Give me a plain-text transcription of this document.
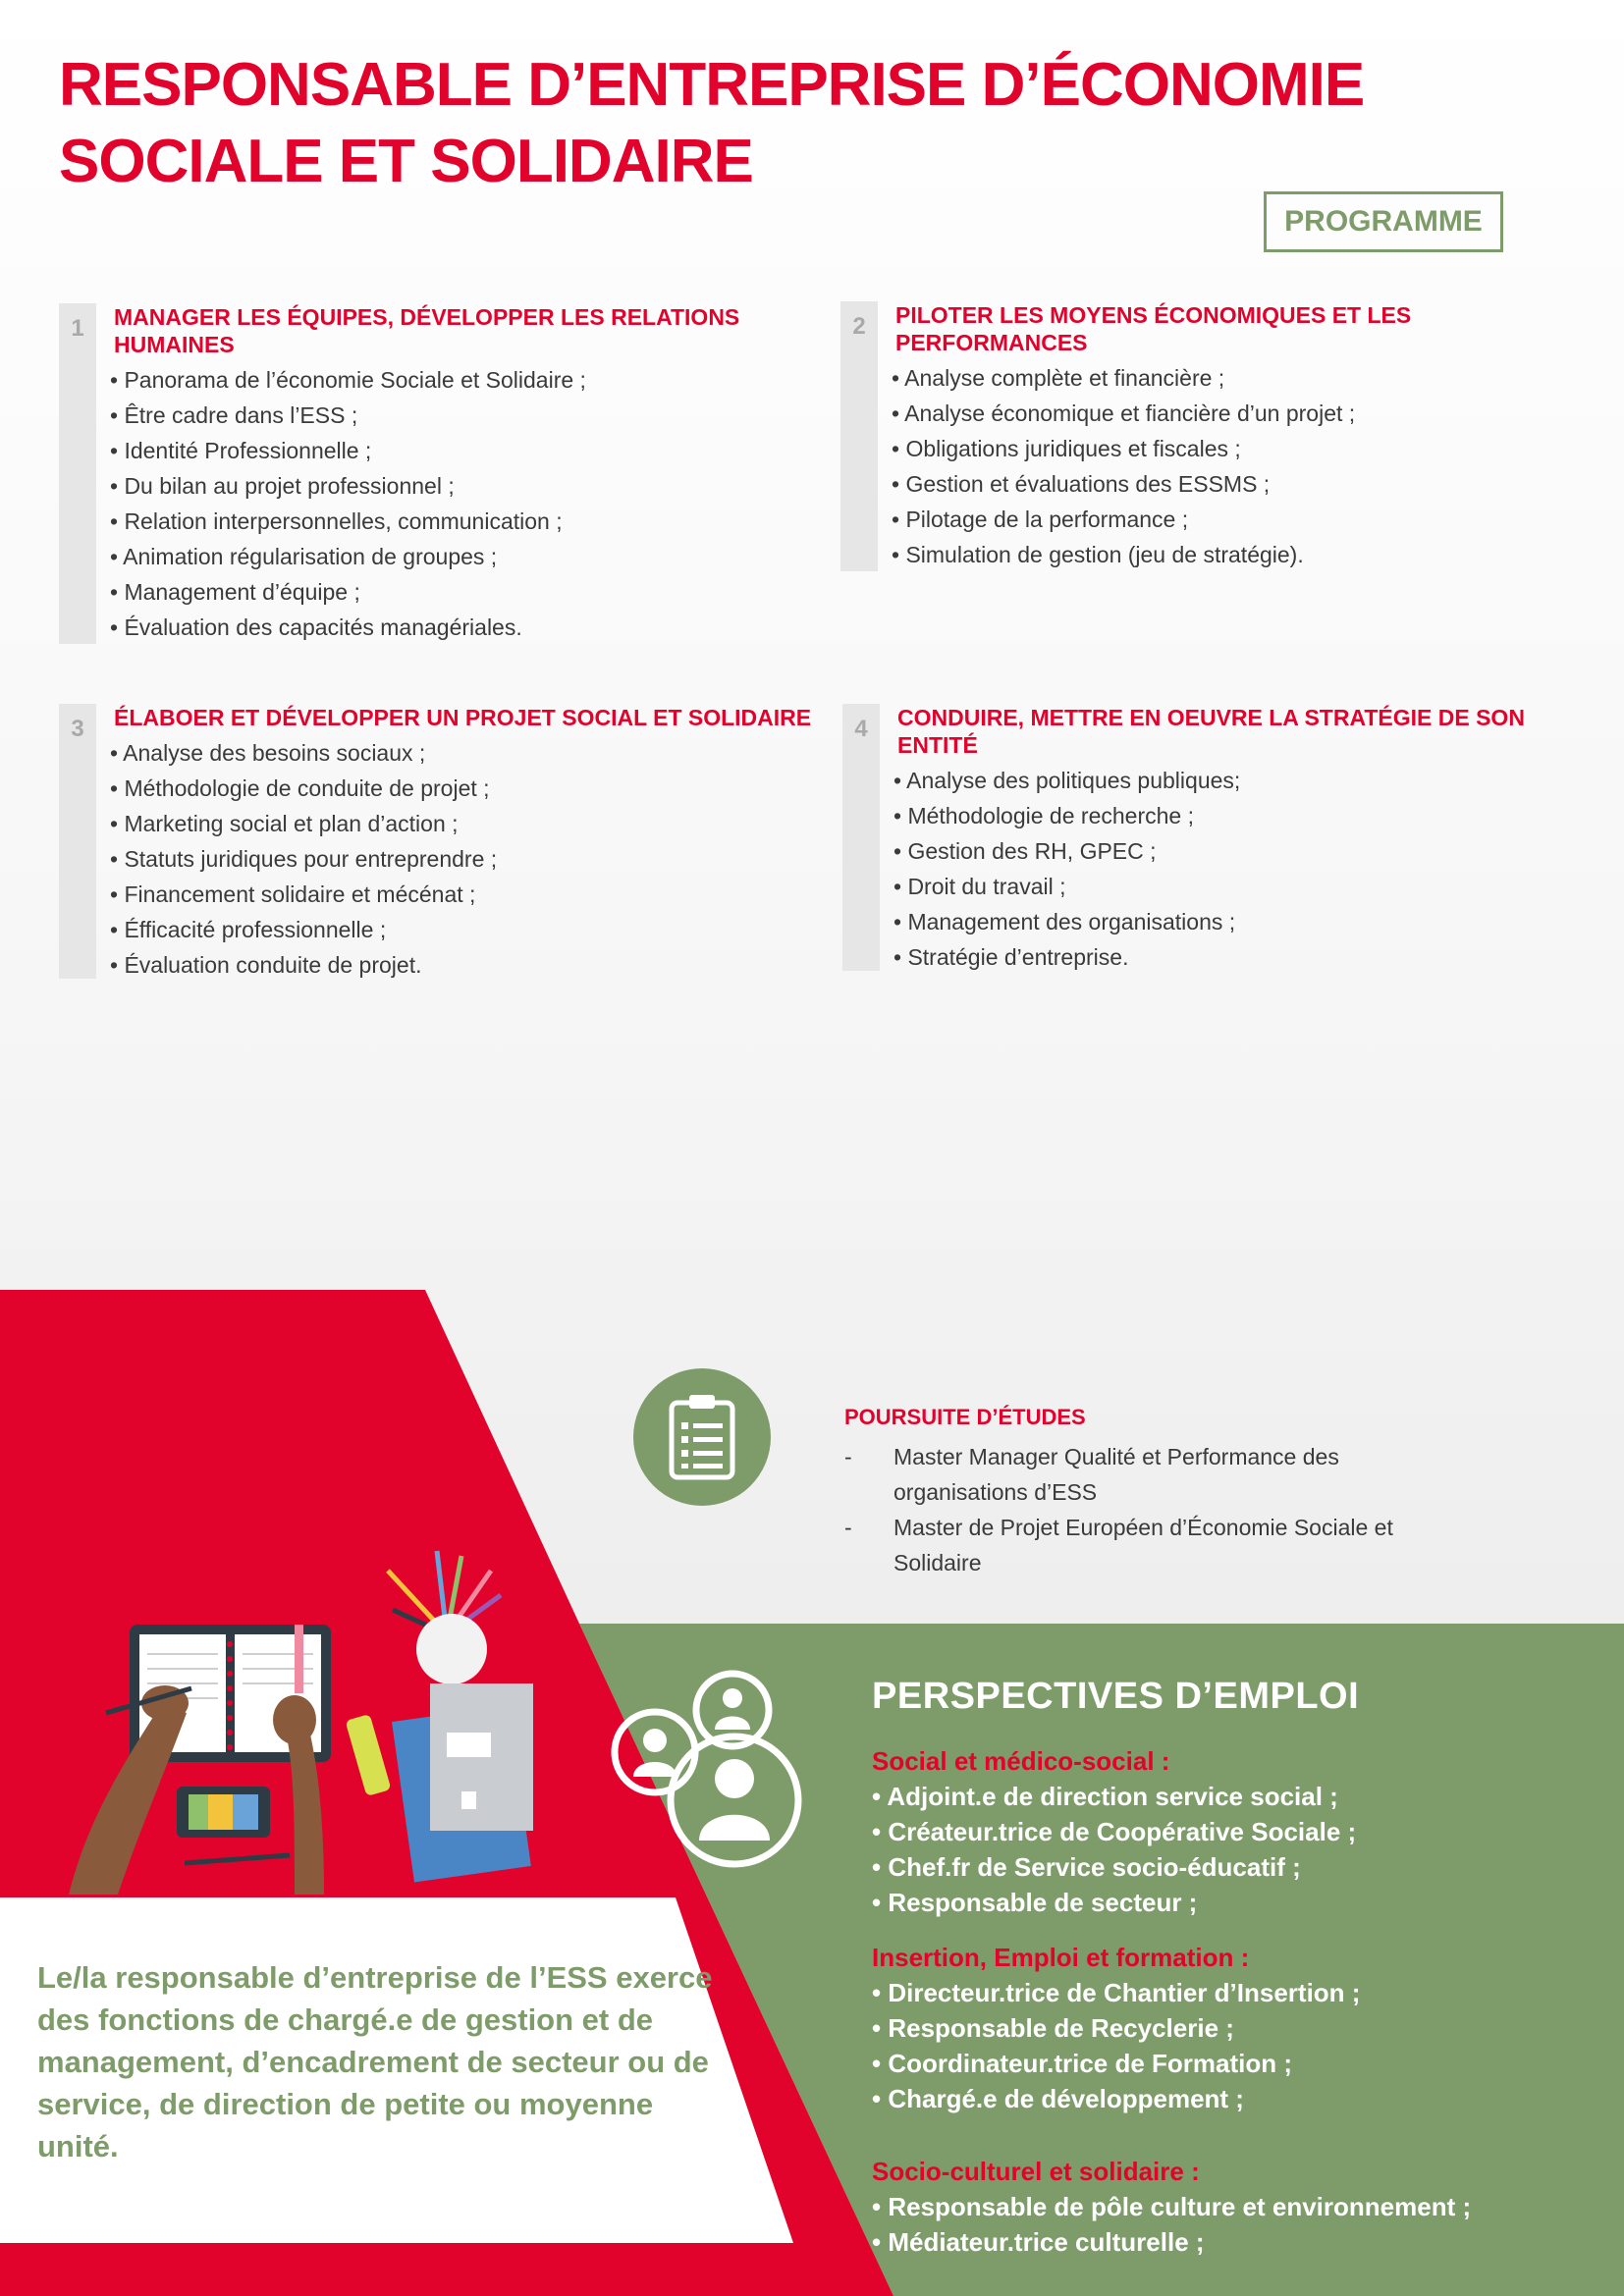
RESPONSABLE D’ENTREPRISE D’ÉCONOMIE
SOCIALE ET SOLIDAIRE
PROGRAMME
1	MANAGER LES ÉQUIPES, DÉVELOPPER LES RELATIONS HUMAINES
• Panorama de l’économie Sociale et Solidaire ;
• Être cadre dans l’ESS ;
• Identité Professionnelle ;
• Du bilan au projet professionnel ;
• Relation interpersonnelles, communication ;
• Animation régularisation de groupes ;
• Management d’équipe ;
• Évaluation des capacités managériales.
2	PILOTER LES MOYENS ÉCONOMIQUES ET LES PERFORMANCES
• Analyse complète et financière ;
• Analyse économique et fiancière d’un projet ;
• Obligations juridiques et fiscales ;
• Gestion et évaluations des ESSMS ;
• Pilotage de la performance ;
• Simulation de gestion (jeu de stratégie).
3	ÉLABOER ET DÉVELOPPER UN PROJET SOCIAL ET SOLIDAIRE
• Analyse des besoins sociaux ;
• Méthodologie de conduite de projet ;
• Marketing social et plan d’action ;
• Statuts juridiques pour entreprendre ;
• Financement solidaire et mécénat ;
• Éfficacité professionnelle ;
• Évaluation conduite de projet.
4	CONDUIRE, METTRE EN OEUVRE LA STRATÉGIE DE SON ENTITÉ
• Analyse des politiques publiques;
• Méthodologie de recherche ;
• Gestion des RH, GPEC ;
• Droit du travail ;
• Management des organisations ;
• Stratégie d’entreprise.
POURSUITE D’ÉTUDES
- Master Manager Qualité et Performance des organisations d’ESS
- Master de Projet Européen d’Économie Sociale et Solidaire
PERSPECTIVES D’EMPLOI
Social et médico-social :
• Adjoint.e de direction service social ;
• Créateur.trice de Coopérative Sociale ;
• Chef.fr de Service socio-éducatif ;
• Responsable de secteur ;
Insertion, Emploi et formation :
• Directeur.trice de Chantier d’Insertion ;
• Responsable de Recyclerie ;
• Coordinateur.trice de Formation ;
• Chargé.e de développement ;
Socio-culturel et solidaire :
• Responsable de pôle culture et environnement ;
• Médiateur.trice culturelle ;

Le/la responsable d’entreprise de l’ESS exerce des fonctions de chargé.e de gestion et de management, d’encadrement de secteur ou de service, de direction de petite ou moyenne unité.
